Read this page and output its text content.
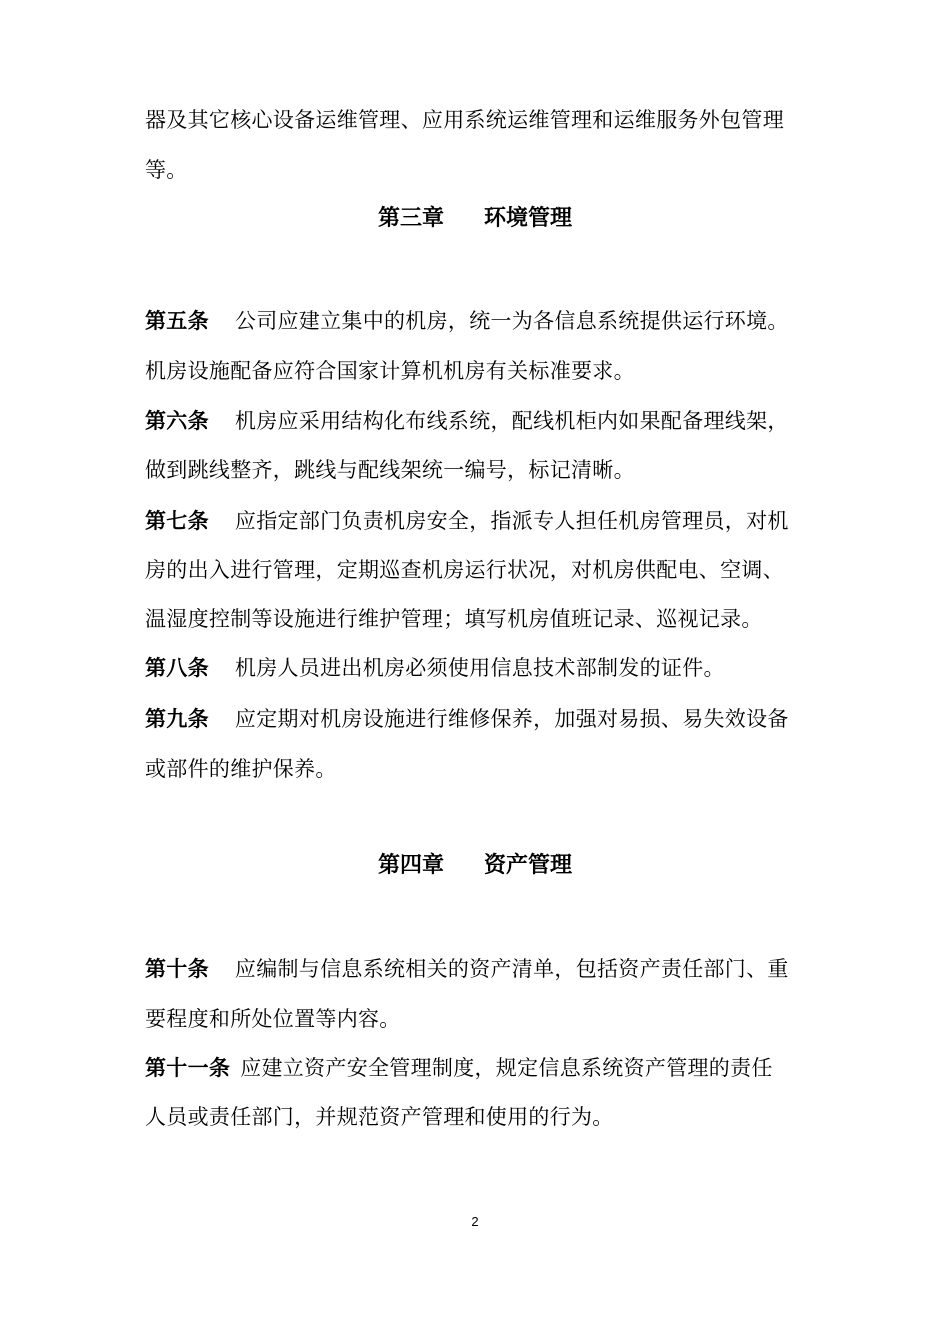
器及其它核心设备运维管理、应用系统运维管理和运维服务外包管理
等。
第三章 环境管理
第五条 公司应建立集中的机房，统一为各信息系统提供运行环境。
机房设施配备应符合国家计算机机房有关标准要求。
第六条 机房应采用结构化布线系统，配线机柜内如果配备理线架，
做到跳线整齐，跳线与配线架统一编号，标记清晰。
第七条 应指定部门负责机房安全，指派专人担任机房管理员，对机
房的出入进行管理，定期巡查机房运行状况，对机房供配电、空调、
温湿度控制等设施进行维护管理；填写机房值班记录、巡视记录。
第八条 机房人员进出机房必须使用信息技术部制发的证件。
第九条 应定期对机房设施进行维修保养，加强对易损、易失效设备
或部件的维护保养。
第四章 资产管理
第十条 应编制与信息系统相关的资产清单，包括资产责任部门、重
要程度和所处位置等内容。
第十一条 应建立资产安全管理制度，规定信息系统资产管理的责任
人员或责任部门，并规范资产管理和使用的行为。
2
